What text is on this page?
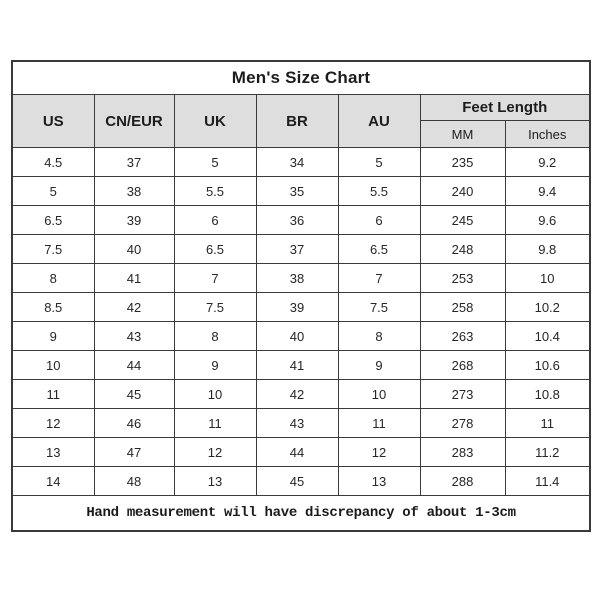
Men's Size Chart						
US	CN/EUR	UK	BR	AU	Feet Length	
					MM	Inches
4.5	37	5	34	5	235	9.2
5	38	5.5	35	5.5	240	9.4
6.5	39	6	36	6	245	9.6
7.5	40	6.5	37	6.5	248	9.8
8	41	7	38	7	253	10
8.5	42	7.5	39	7.5	258	10.2
9	43	8	40	8	263	10.4
10	44	9	41	9	268	10.6
11	45	10	42	10	273	10.8
12	46	11	43	11	278	11
13	47	12	44	12	283	11.2
14	48	13	45	13	288	11.4
Hand measurement will have discrepancy of about 1-3cm						
